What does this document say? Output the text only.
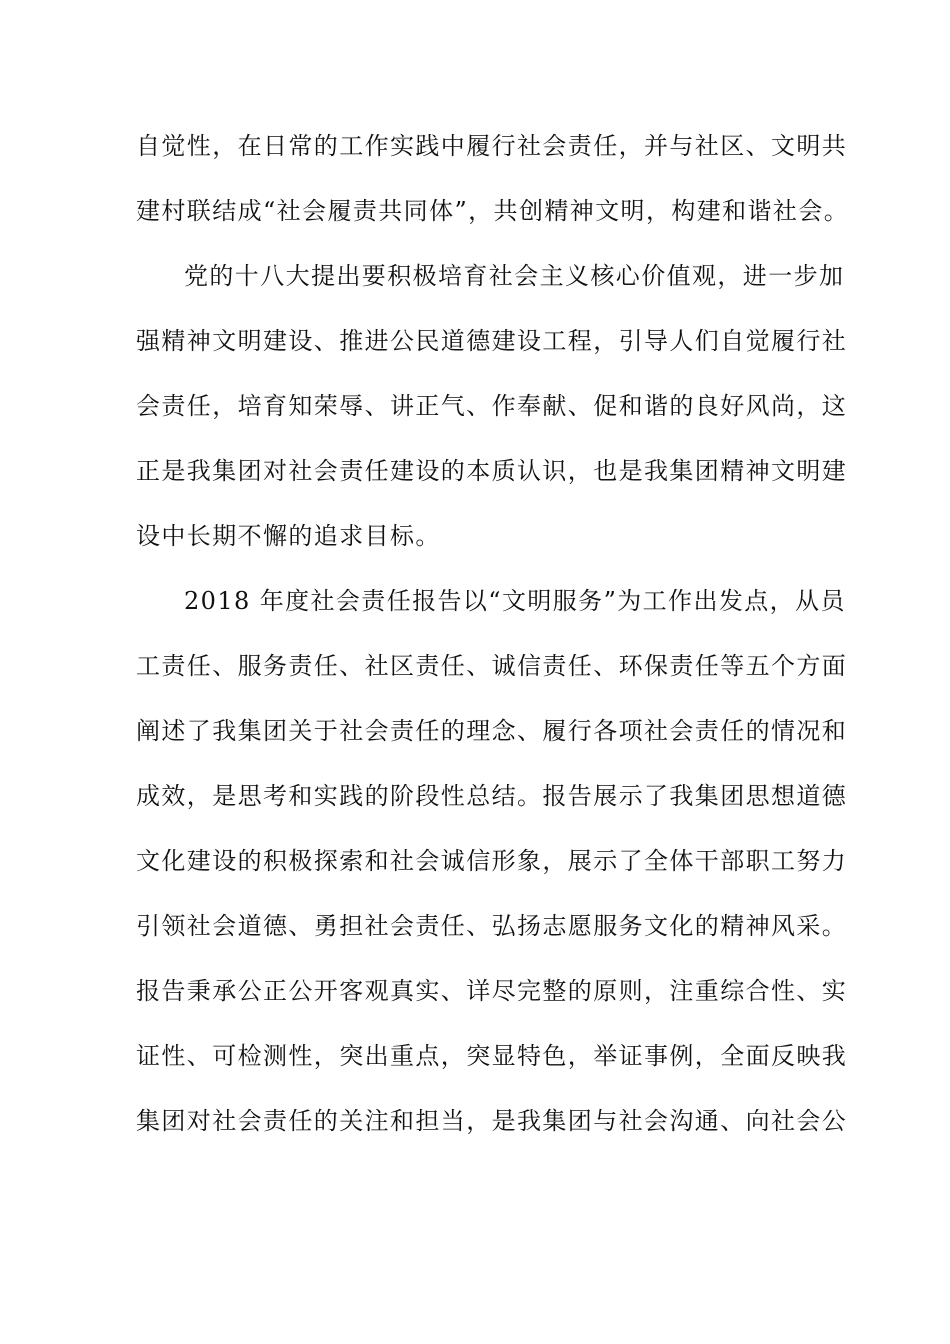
自觉性，在日常的工作实践中履行社会责任，并与社区、文明共
建村联结成“社会履责共同体”，共创精神文明，构建和谐社会。
党的十八大提出要积极培育社会主义核心价值观，进一步加
强精神文明建设、推进公民道德建设工程，引导人们自觉履行社
会责任，培育知荣辱、讲正气、作奉献、促和谐的良好风尚，这
正是我集团对社会责任建设的本质认识，也是我集团精神文明建
设中长期不懈的追求目标。
2018 年度社会责任报告以“文明服务”为工作出发点，从员
工责任、服务责任、社区责任、诚信责任、环保责任等五个方面
阐述了我集团关于社会责任的理念、履行各项社会责任的情况和
成效，是思考和实践的阶段性总结。报告展示了我集团思想道德
文化建设的积极探索和社会诚信形象，展示了全体干部职工努力
引领社会道德、勇担社会责任、弘扬志愿服务文化的精神风采。
报告秉承公正公开客观真实、详尽完整的原则，注重综合性、实
证性、可检测性，突出重点，突显特色，举证事例，全面反映我
集团对社会责任的关注和担当，是我集团与社会沟通、向社会公
